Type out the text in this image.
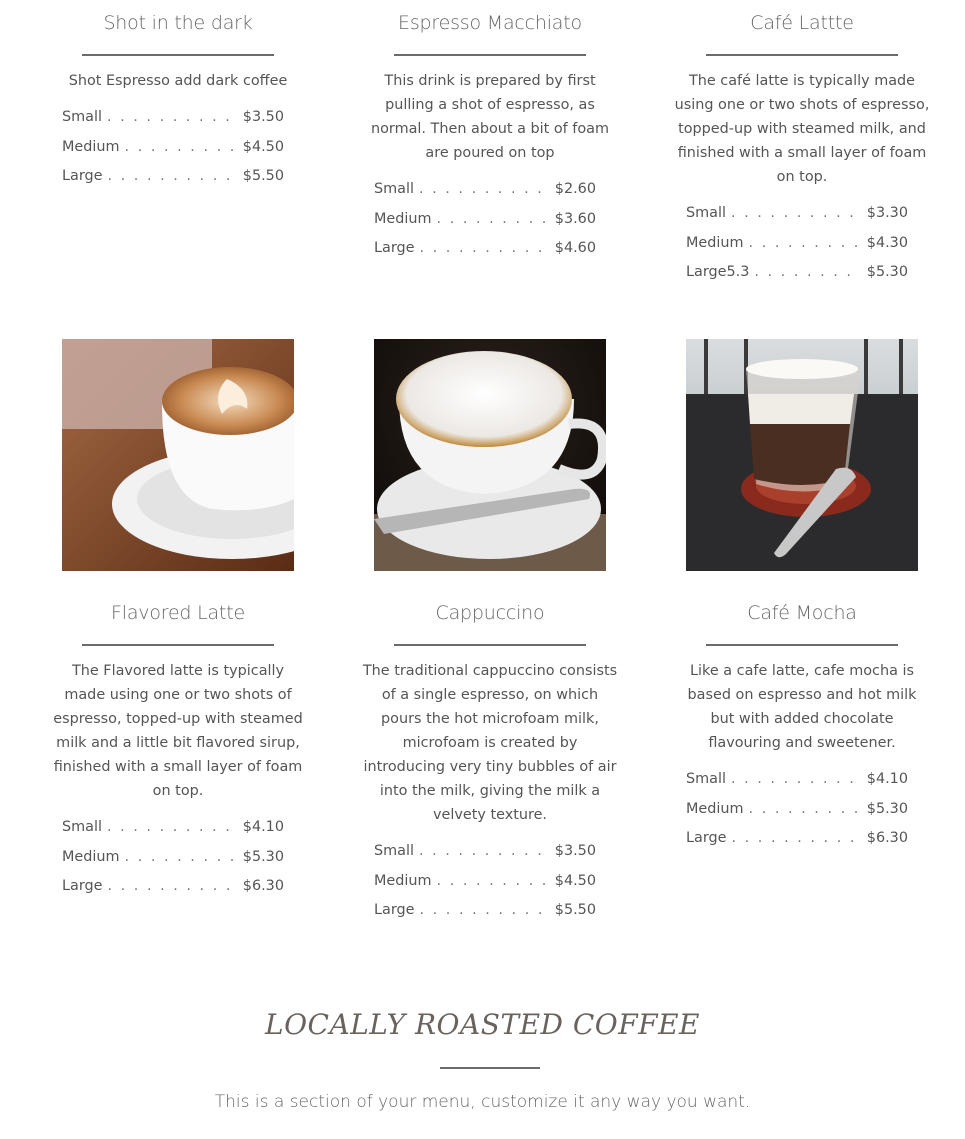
Shot in the dark
Shot Espresso add dark coffee
Small . . .	$3.50
Medium . . .	$4.50
Large . . .	$5.50
Espresso Macchiato
This drink is prepared by first pulling a shot of espresso, as normal. Then about a bit of foam are poured on top
Small . . .	$2.60
Medium . . .	$3.60
Large . . .	$4.60
Café Lattte
The café latte is typically made using one or two shots of espresso, topped-up with steamed milk, and finished with a small layer of foam on top.
Small . . .	$3.30
Medium . . .	$4.30
Large5.3 . . .	$5.30
Flavored Latte
The Flavored latte is typically made using one or two shots of espresso, topped-up with steamed milk and a little bit flavored sirup, finished with a small layer of foam on top.
Small . . .	$4.10
Medium . . .	$5.30
Large . . .	$6.30
Cappuccino
The traditional cappuccino consists of a single espresso, on which pours the hot microfoam milk, microfoam is created by introducing very tiny bubbles of air into the milk, giving the milk a velvety texture.
Small . . .	$3.50
Medium . . .	$4.50
Large . . .	$5.50
Café Mocha
Like a cafe latte, cafe mocha is based on espresso and hot milk but with added chocolate flavouring and sweetener.
Small . . .	$4.10
Medium . . .	$5.30
Large . . .	$6.30
LOCALLY ROASTED COFFEE
This is a section of your menu, customize it any way you want.
